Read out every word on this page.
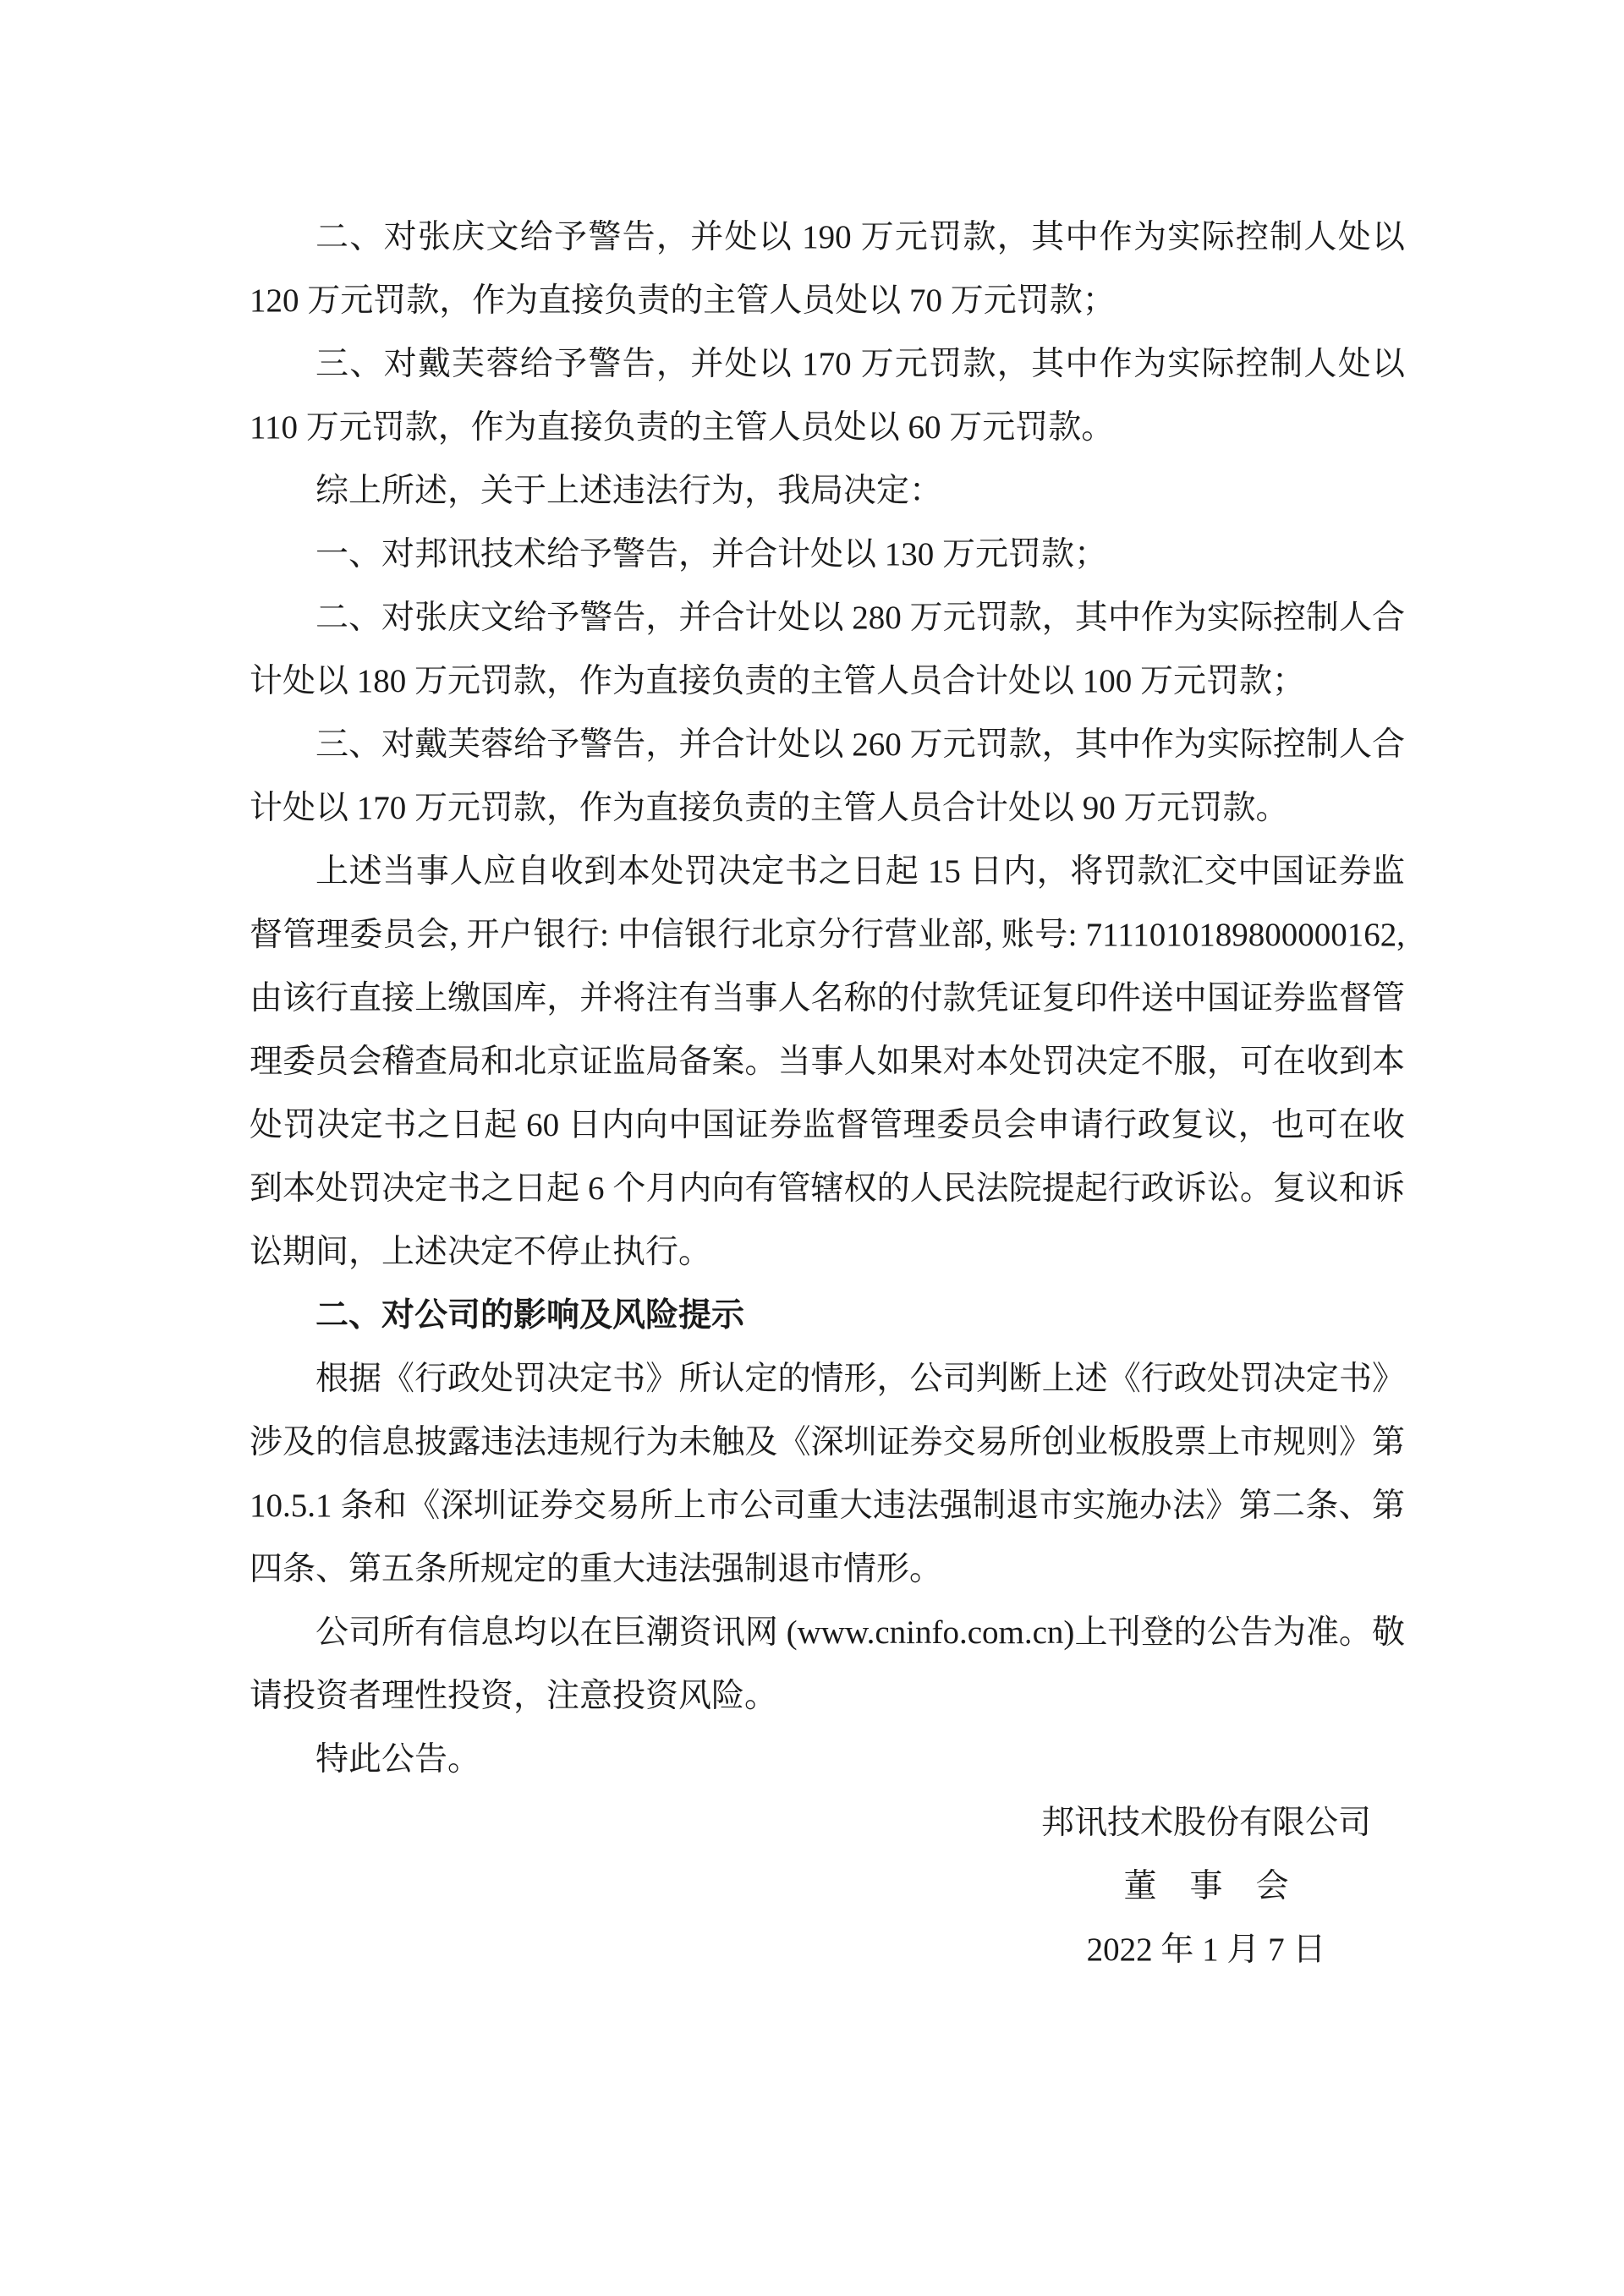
二、对张庆文给予警告，并处以 190 万元罚款，其中作为实际控制人处以 120 万元罚款，作为直接负责的主管人员处以 70 万元罚款；

三、对戴芙蓉给予警告，并处以 170 万元罚款，其中作为实际控制人处以 110 万元罚款，作为直接负责的主管人员处以 60 万元罚款。

综上所述，关于上述违法行为，我局决定：

一、对邦讯技术给予警告，并合计处以 130 万元罚款；

二、对张庆文给予警告，并合计处以 280 万元罚款，其中作为实际控制人合计处以 180 万元罚款，作为直接负责的主管人员合计处以 100 万元罚款；

三、对戴芙蓉给予警告，并合计处以 260 万元罚款，其中作为实际控制人合计处以 170 万元罚款，作为直接负责的主管人员合计处以 90 万元罚款。

上述当事人应自收到本处罚决定书之日起 15 日内，将罚款汇交中国证券监督管理委员会, 开户银行: 中信银行北京分行营业部, 账号: 7111010189800000162, 由该行直接上缴国库，并将注有当事人名称的付款凭证复印件送中国证券监督管理委员会稽查局和北京证监局备案。当事人如果对本处罚决定不服，可在收到本处罚决定书之日起 60 日内向中国证券监督管理委员会申请行政复议，也可在收到本处罚决定书之日起 6 个月内向有管辖权的人民法院提起行政诉讼。复议和诉讼期间，上述决定不停止执行。

二、对公司的影响及风险提示

根据《行政处罚决定书》所认定的情形，公司判断上述《行政处罚决定书》涉及的信息披露违法违规行为未触及《深圳证券交易所创业板股票上市规则》第 10.5.1 条和《深圳证券交易所上市公司重大违法强制退市实施办法》第二条、第四条、第五条所规定的重大违法强制退市情形。

公司所有信息均以在巨潮资讯网 (www.cninfo.com.cn)上刊登的公告为准。敬请投资者理性投资，注意投资风险。

特此公告。

邦讯技术股份有限公司
董　事　会
2022 年 1 月 7 日
